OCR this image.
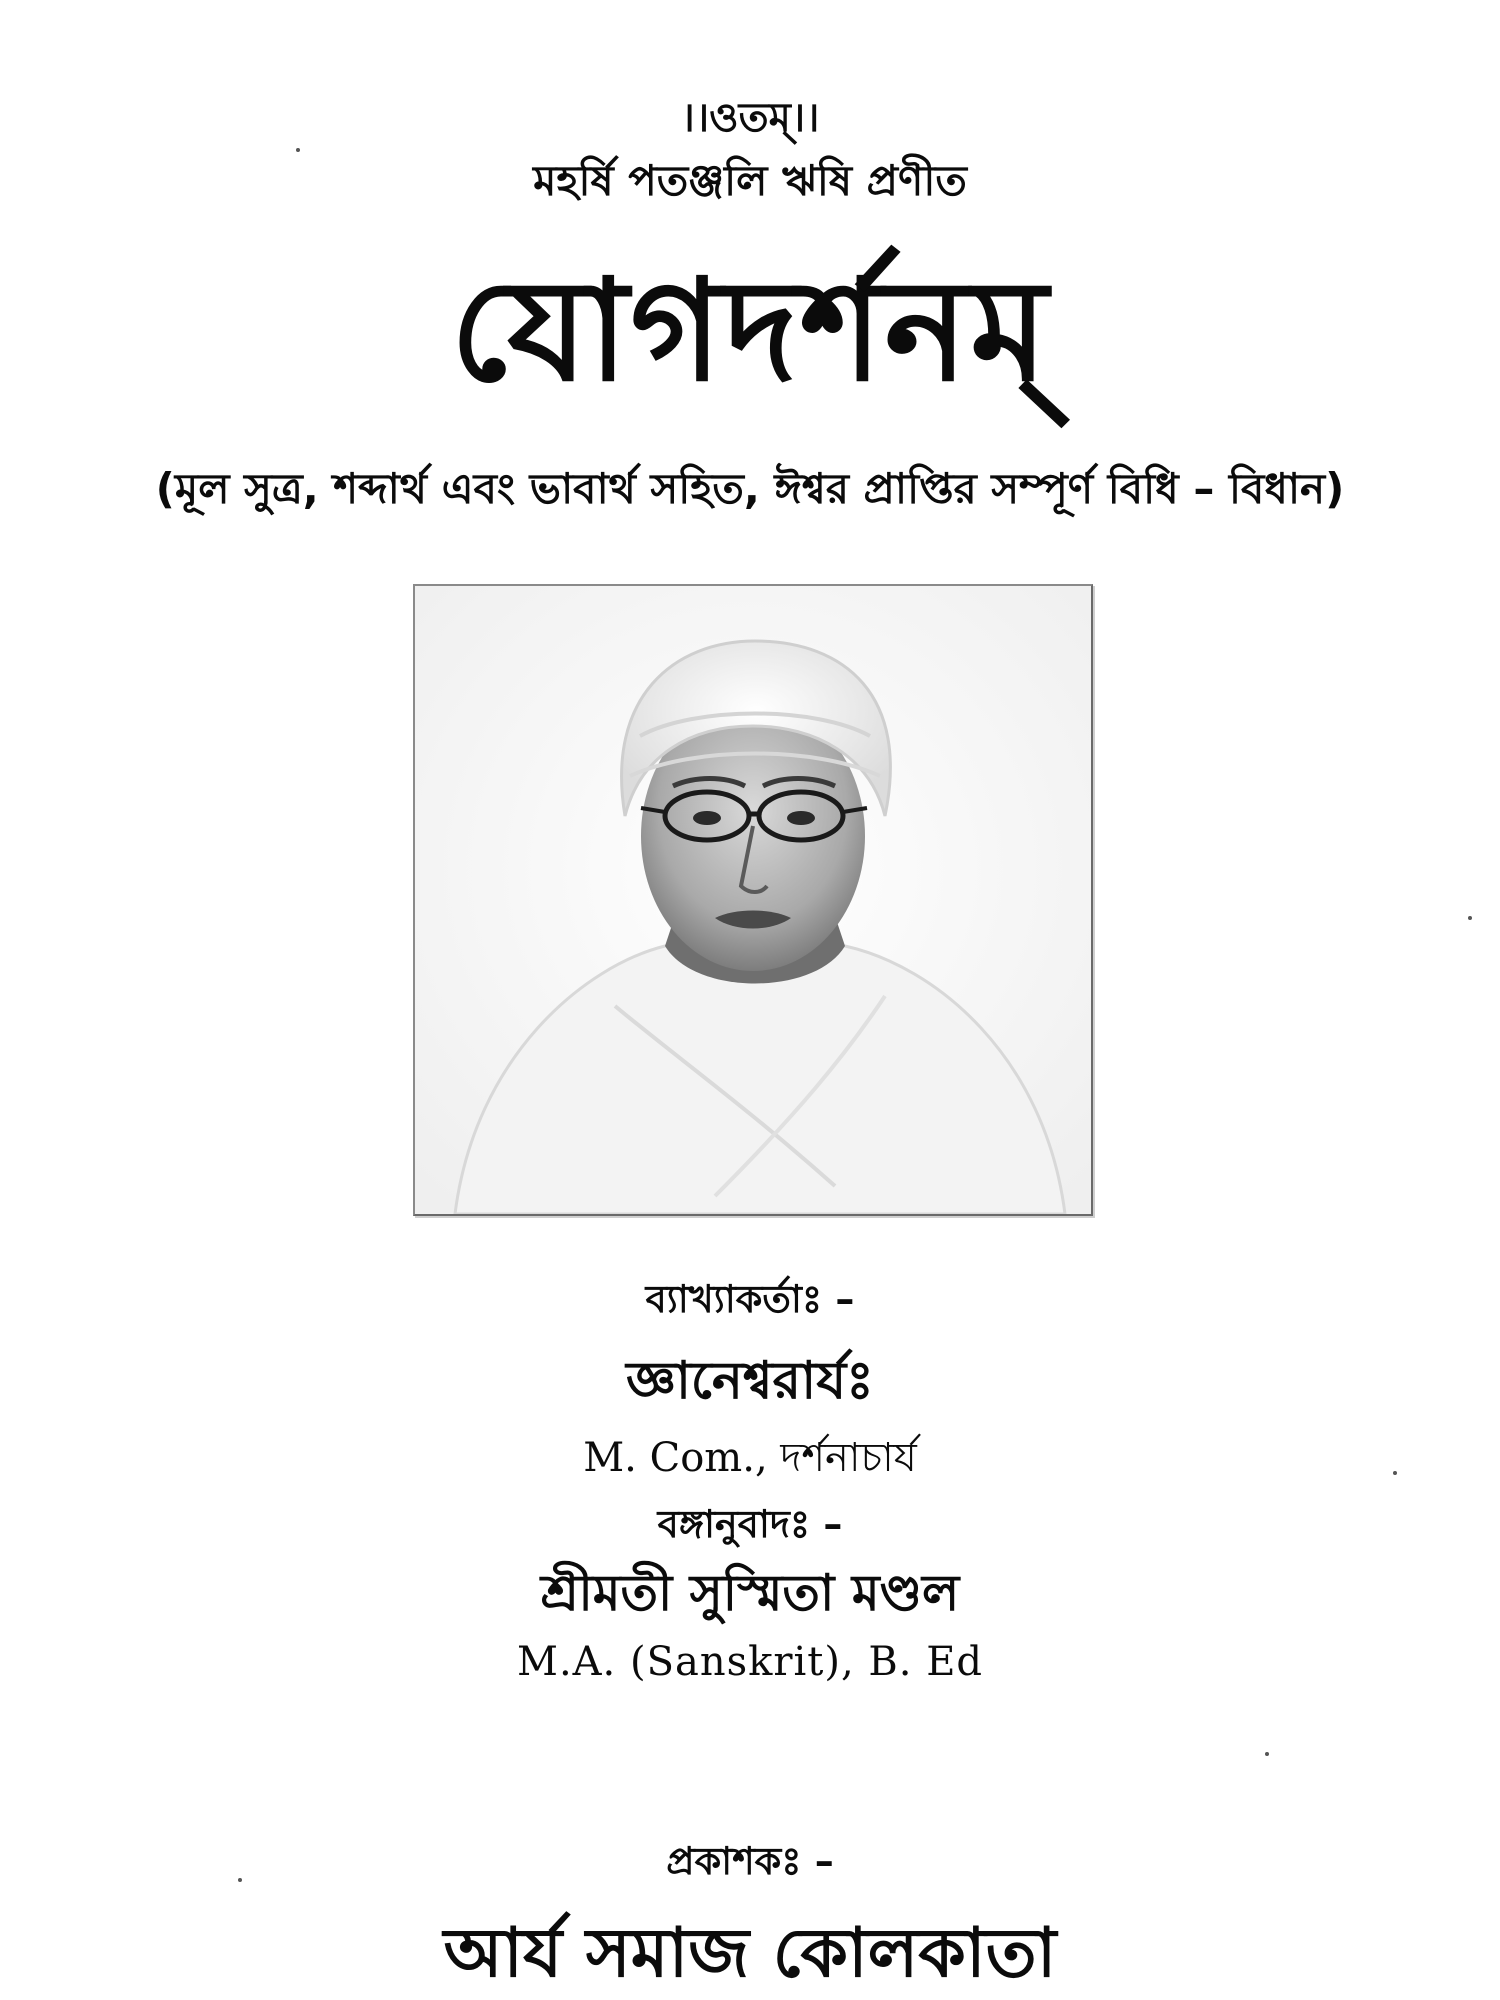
।।ওতম্।।
মহর্ষি পতঞ্জলি ঋষি প্রণীত
যোগদর্শনম্
(মূল সুত্র, শব্দার্থ এবং ভাবার্থ সহিত, ঈশ্বর প্রাপ্তির সম্পূর্ণ বিধি – বিধান)
ব্যাখ্যাকর্তাঃ –
জ্ঞানেশ্বরার্যঃ
M. Com., দর্শনাচার্য
বঙ্গানুবাদঃ –
শ্রীমতী সুস্মিতা মণ্ডল
M.A. (Sanskrit), B. Ed
প্রকাশকঃ –
আর্য সমাজ কোলকাতা
